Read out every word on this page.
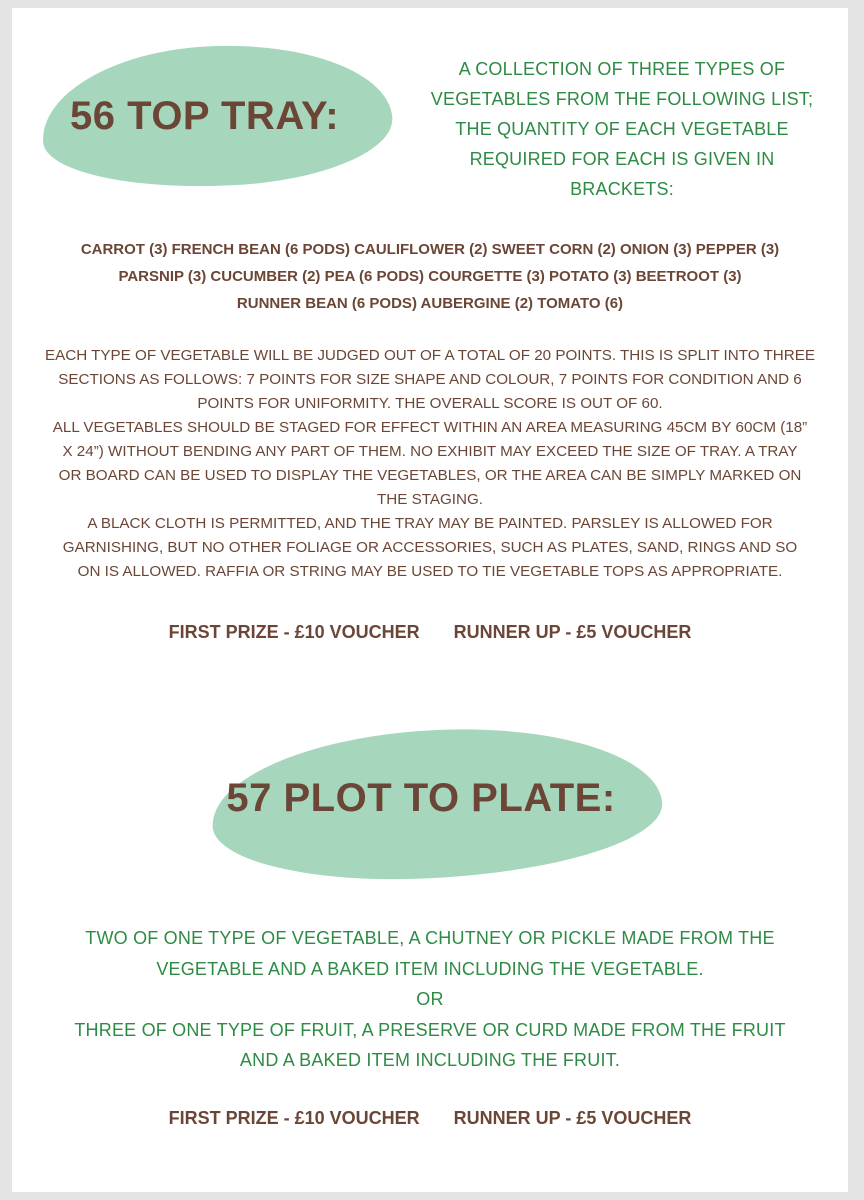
56 TOP TRAY:
A COLLECTION OF THREE TYPES OF
VEGETABLES FROM THE FOLLOWING LIST;
THE QUANTITY OF EACH VEGETABLE
REQUIRED FOR EACH IS GIVEN IN
BRACKETS:
CARROT (3) FRENCH BEAN (6 PODS) CAULIFLOWER (2) SWEET CORN (2) ONION (3) PEPPER (3)
PARSNIP (3) CUCUMBER (2) PEA (6 PODS) COURGETTE (3) POTATO (3) BEETROOT (3)
RUNNER BEAN (6 PODS) AUBERGINE (2) TOMATO (6)
EACH TYPE OF VEGETABLE WILL BE JUDGED OUT OF A TOTAL OF 20 POINTS. THIS IS SPLIT INTO THREE
SECTIONS AS FOLLOWS: 7 POINTS FOR SIZE SHAPE AND COLOUR, 7 POINTS FOR CONDITION AND 6
POINTS FOR UNIFORMITY. THE OVERALL SCORE IS OUT OF 60.
ALL VEGETABLES SHOULD BE STAGED FOR EFFECT WITHIN AN AREA MEASURING 45CM BY 60CM (18”
X 24”) WITHOUT BENDING ANY PART OF THEM. NO EXHIBIT MAY EXCEED THE SIZE OF TRAY. A TRAY
OR BOARD CAN BE USED TO DISPLAY THE VEGETABLES, OR THE AREA CAN BE SIMPLY MARKED ON
THE STAGING.
A BLACK CLOTH IS PERMITTED, AND THE TRAY MAY BE PAINTED. PARSLEY IS ALLOWED FOR
GARNISHING, BUT NO OTHER FOLIAGE OR ACCESSORIES, SUCH AS PLATES, SAND, RINGS AND SO
ON IS ALLOWED. RAFFIA OR STRING MAY BE USED TO TIE VEGETABLE TOPS AS APPROPRIATE.
FIRST PRIZE - £10 VOUCHER RUNNER UP - £5 VOUCHER
57 PLOT TO PLATE:
TWO OF ONE TYPE OF VEGETABLE, A CHUTNEY OR PICKLE MADE FROM THE
VEGETABLE AND A BAKED ITEM INCLUDING THE VEGETABLE.
OR
THREE OF ONE TYPE OF FRUIT, A PRESERVE OR CURD MADE FROM THE FRUIT
AND A BAKED ITEM INCLUDING THE FRUIT.
FIRST PRIZE - £10 VOUCHER RUNNER UP - £5 VOUCHER
